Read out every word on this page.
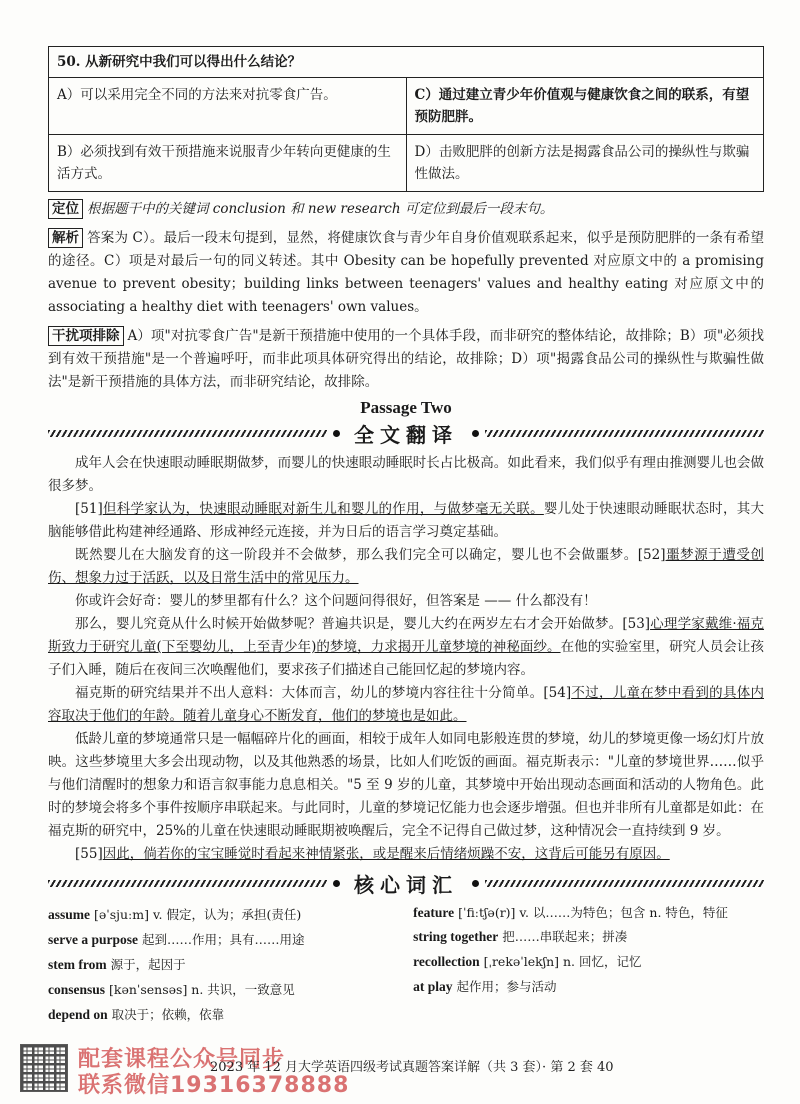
50. 从新研究中我们可以得出什么结论？	
A）可以采用完全不同的方法来对抗零食广告。	C）通过建立青少年价值观与健康饮食之间的联系，有望预防肥胖。
B）必须找到有效干预措施来说服青少年转向更健康的生活方式。	D）击败肥胖的创新方法是揭露食品公司的操纵性与欺骗性做法。

定位 根据题干中的关键词 conclusion 和 new research 可定位到最后一段末句。

解析 答案为 C）。最后一段末句提到，显然，将健康饮食与青少年自身价值观联系起来，似乎是预防肥胖的一条有希望的途径。C）项是对最后一句的同义转述。其中 Obesity can be hopefully prevented 对应原文中的 a promising avenue to prevent obesity；building links between teenagers' values and healthy eating 对应原文中的 associating a healthy diet with teenagers' own values。

干扰项排除 A）项"对抗零食广告"是新干预措施中使用的一个具体手段，而非研究的整体结论，故排除；B）项"必须找到有效干预措施"是一个普遍呼吁，而非此项具体研究得出的结论，故排除；D）项"揭露食品公司的操纵性与欺骗性做法"是新干预措施的具体方法，而非研究结论，故排除。

Passage Two
全文翻译

成年人会在快速眼动睡眠期做梦，而婴儿的快速眼动睡眠时长占比极高。如此看来，我们似乎有理由推测婴儿也会做很多梦。

[51]但科学家认为，快速眼动睡眠对新生儿和婴儿的作用，与做梦毫无关联。婴儿处于快速眼动睡眠状态时，其大脑能够借此构建神经通路、形成神经元连接，并为日后的语言学习奠定基础。

既然婴儿在大脑发育的这一阶段并不会做梦，那么我们完全可以确定，婴儿也不会做噩梦。[52]噩梦源于遭受创伤、想象力过于活跃，以及日常生活中的常见压力。

你或许会好奇：婴儿的梦里都有什么？这个问题问得很好，但答案是 —— 什么都没有！

那么，婴儿究竟从什么时候开始做梦呢？普遍共识是，婴儿大约在两岁左右才会开始做梦。[53]心理学家戴维·福克斯致力于研究儿童(下至婴幼儿，上至青少年)的梦境，力求揭开儿童梦境的神秘面纱。在他的实验室里，研究人员会让孩子们入睡，随后在夜间三次唤醒他们，要求孩子们描述自己能回忆起的梦境内容。

福克斯的研究结果并不出人意料：大体而言，幼儿的梦境内容往往十分简单。[54]不过，儿童在梦中看到的具体内容取决于他们的年龄。随着儿童身心不断发育，他们的梦境也是如此。

低龄儿童的梦境通常只是一幅幅碎片化的画面，相较于成年人如同电影般连贯的梦境，幼儿的梦境更像一场幻灯片放映。这些梦境里大多会出现动物，以及其他熟悉的场景，比如人们吃饭的画面。福克斯表示："儿童的梦境世界……似乎与他们清醒时的想象力和语言叙事能力息息相关。"5 至 9 岁的儿童，其梦境中开始出现动态画面和活动的人物角色。此时的梦境会将多个事件按顺序串联起来。与此同时，儿童的梦境记忆能力也会逐步增强。但也并非所有儿童都是如此：在福克斯的研究中，25%的儿童在快速眼动睡眠期被唤醒后，完全不记得自己做过梦，这种情况会一直持续到 9 岁。

[55]因此，倘若你的宝宝睡觉时看起来神情紧张，或是醒来后情绪烦躁不安，这背后可能另有原因。

核心词汇
assume [əˈsjuːm] v. 假定，认为；承担(责任)
serve a purpose 起到……作用；具有……用途
stem from 源于，起因于
consensus [kənˈsensəs] n. 共识，一致意见
depend on 取决于；依赖，依靠
feature [ˈfiːtʃə(r)] v. 以……为特色；包含 n. 特色，特征
string together 把……串联起来；拼凑
recollection [ˌrekəˈlekʃn] n. 回忆，记忆
at play 起作用；参与活动
配套课程公众号同步
联系微信19316378888
2023 年 12 月大学英语四级考试真题答案详解（共 3 套）· 第 2 套 40
